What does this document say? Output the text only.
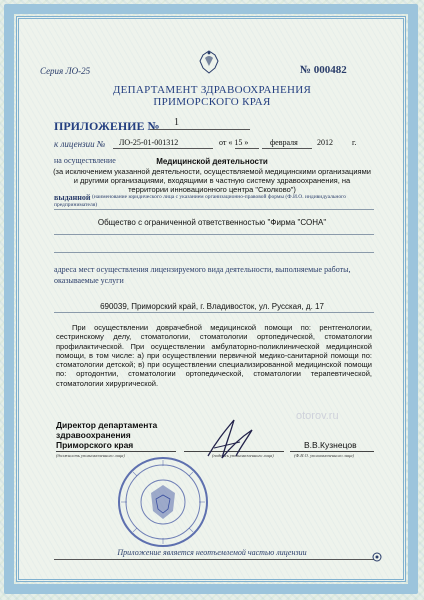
Серия ЛО-25	№ 000482
ДЕПАРТАМЕНТ ЗДРАВООХРАНЕНИЯ
ПРИМОРСКОГО КРАЯ
ПРИЛОЖЕНИЕ № 1
к лицензии № ЛО-25-01-001312	от « 15 »	февраля 2012 г.
на осуществление	Медицинской деятельности
(за исключением указанной деятельности, осуществляемой медицинскими организациями
и другими организациями, входящими в частную систему здравоохранения, на
территории инновационного центра "Сколково")
выданной (наименование юридического лица с указанием организационно-правовой формы (Ф.И.О. индивидуального
предпринимателя)
Общество с ограниченной ответственностью "Фирма "СОНА"
адреса мест осуществления лицензируемого вида деятельности, выполняемые работы,
оказываемые услуги
690039, Приморский край, г. Владивосток, ул. Русская, д. 17
При осуществлении доврачебной медицинской помощи по: рентгенологии, сестринскому делу, стоматологии, стоматологии ортопедической, стоматологии профилактической. При осуществлении амбулаторно-поликлинической медицинской помощи, в том числе: а) при осуществлении первичной медико-санитарной помощи по: стоматологии детской; в) при осуществлении специализированной медицинской помощи по: ортодонтии, стоматологии ортопедической, стоматологии терапевтической, стоматологии хирургической.
otorov.ru
Директор департамента
здравоохранения
Приморского края	В.В.Кузнецов
(должность уполномоченного лица)	(подпись уполномоченного лица)	(Ф.И.О. уполномоченного лица)
Приложение является неотъемлемой частью лицензии
